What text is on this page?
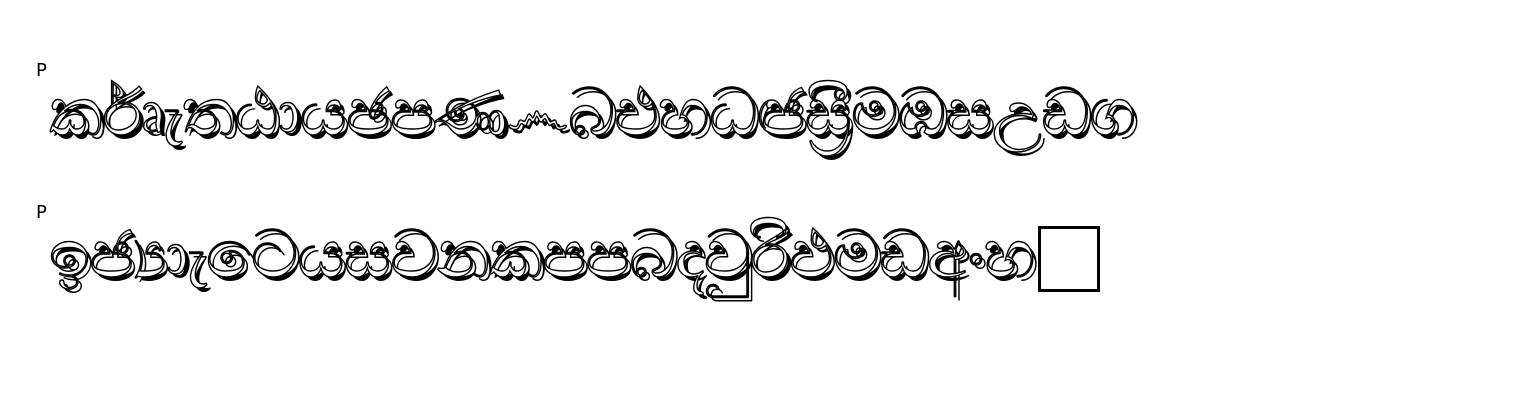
P
ර්කෘැතඨායඡපණ෴බඑහධඦස්‍රීමඹසඋඩග
P
ඉජ්‍යාැටෙයසවනකපපබදවුරිඵමඩඅංහ
